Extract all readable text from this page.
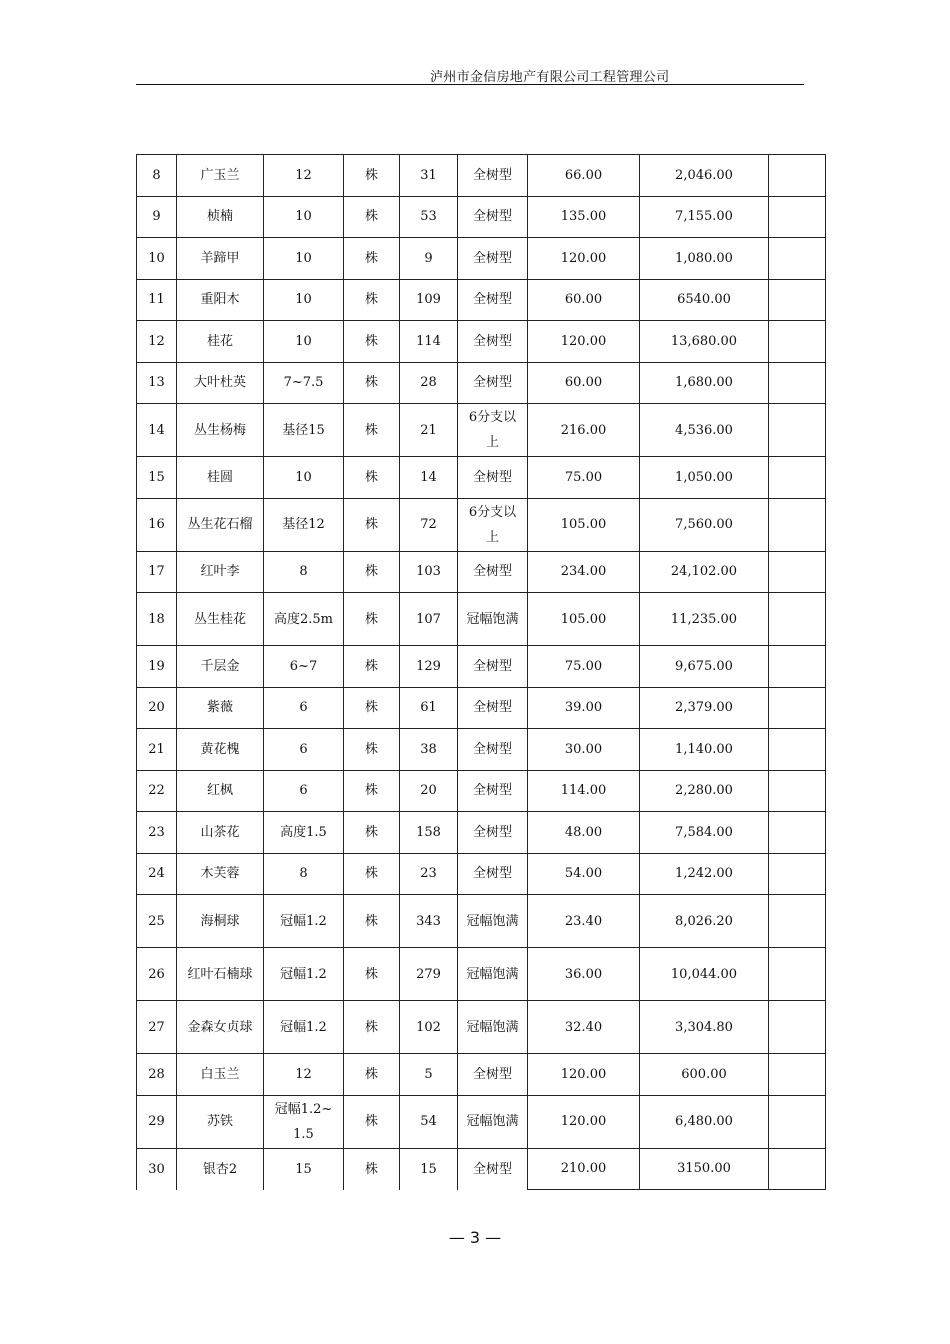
泸州市金信房地产有限公司工程管理公司
8	广玉兰	12	株	31	全树型	66.00	2,046.00	
9	桢楠	10	株	53	全树型	135.00	7,155.00	
10	羊蹄甲	10	株	9	全树型	120.00	1,080.00	
11	重阳木	10	株	109	全树型	60.00	6540.00	
12	桂花	10	株	114	全树型	120.00	13,680.00	
13	大叶杜英	7~7.5	株	28	全树型	60.00	1,680.00	
14	丛生杨梅	基径15	株	21	6分支以上	216.00	4,536.00	
15	桂圆	10	株	14	全树型	75.00	1,050.00	
16	丛生花石榴	基径12	株	72	6分支以上	105.00	7,560.00	
17	红叶李	8	株	103	全树型	234.00	24,102.00	
18	丛生桂花	高度2.5m	株	107	冠幅饱满	105.00	11,235.00	
19	千层金	6~7	株	129	全树型	75.00	9,675.00	
20	紫薇	6	株	61	全树型	39.00	2,379.00	
21	黄花槐	6	株	38	全树型	30.00	1,140.00	
22	红枫	6	株	20	全树型	114.00	2,280.00	
23	山茶花	高度1.5	株	158	全树型	48.00	7,584.00	
24	木芙蓉	8	株	23	全树型	54.00	1,242.00	
25	海桐球	冠幅1.2	株	343	冠幅饱满	23.40	8,026.20	
26	红叶石楠球	冠幅1.2	株	279	冠幅饱满	36.00	10,044.00	
27	金森女贞球	冠幅1.2	株	102	冠幅饱满	32.40	3,304.80	
28	白玉兰	12	株	5	全树型	120.00	600.00	
29	苏铁	冠幅1.2~1.5	株	54	冠幅饱满	120.00	6,480.00	
30	银杏2	15	株	15	全树型	210.00	3150.00	
— 3 —
